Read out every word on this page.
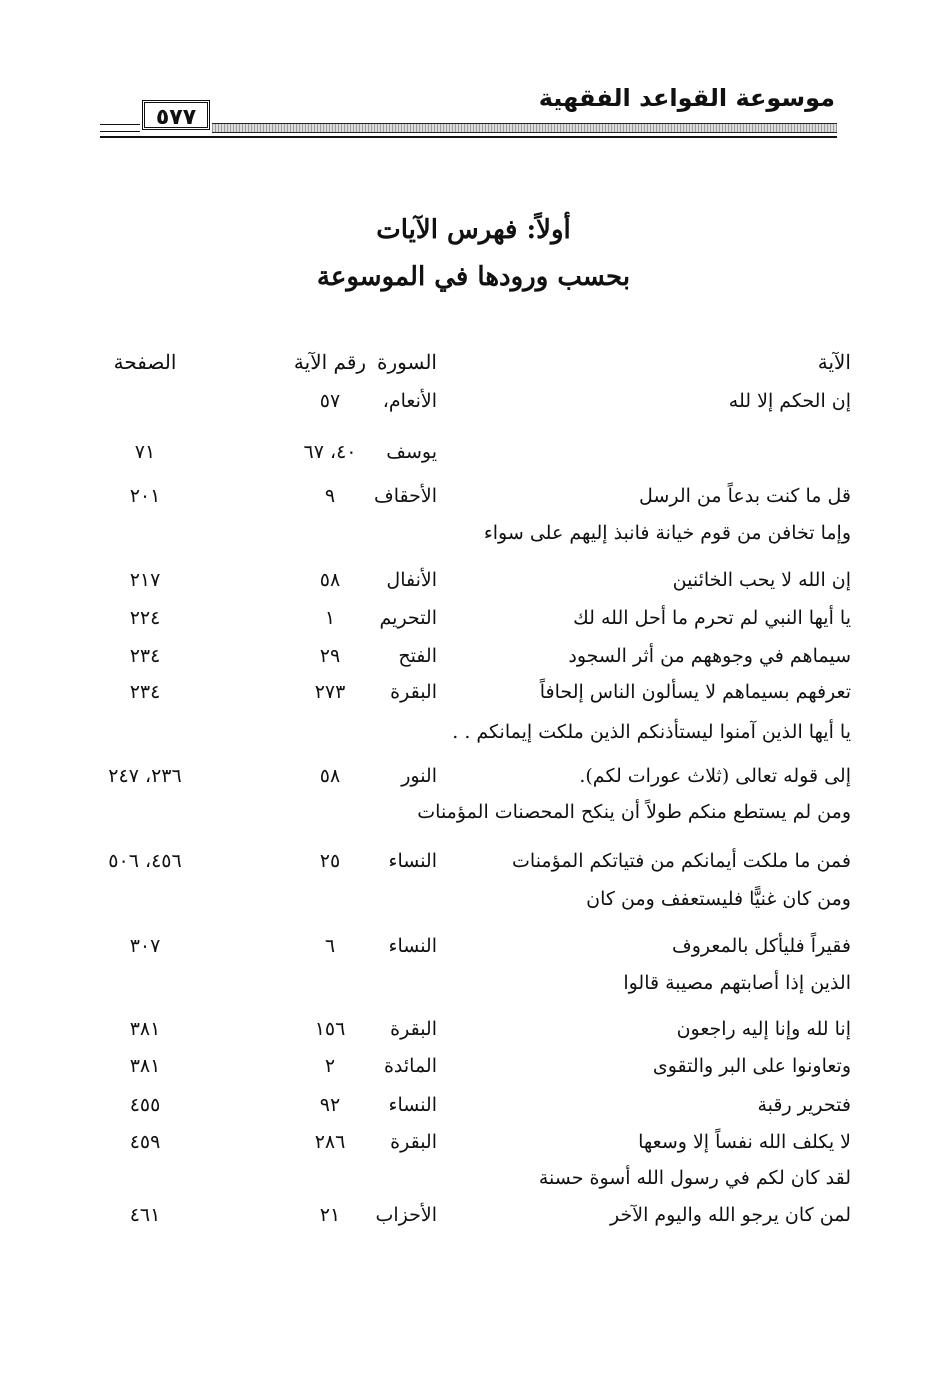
موسوعة القواعد الفقهية
٥٧٧
أولاً: فهرس الآيات
بحسب ورودها في الموسوعة
الآية
السورة
رقم الآية
الصفحة
إن الحكم إلا لله
الأنعام،
٥٧
يوسف
٤٠، ٦٧
٧١
قل ما كنت بدعاً من الرسل
الأحقاف
٩
٢٠١
وإما تخافن من قوم خيانة فانبذ إليهم على سواء
إن الله لا يحب الخائنين
الأنفال
٥٨
٢١٧
يا أيها النبي لم تحرم ما أحل الله لك
التحريم
١
٢٢٤
سيماهم في وجوههم من أثر السجود
الفتح
٢٩
٢٣٤
تعرفهم بسيماهم لا يسألون الناس إلحافاً
البقرة
٢٧٣
٢٣٤
يا أيها الذين آمنوا ليستأذنكم الذين ملكت إيمانكم . .
إلى قوله تعالى (ثلاث عورات لكم).
النور
٥٨
٢٣٦، ٢٤٧
ومن لم يستطع منكم طولاً أن ينكح المحصنات المؤمنات
فمن ما ملكت أيمانكم من فتياتكم المؤمنات
النساء
٢٥
٤٥٦، ٥٠٦
ومن كان غنيًّا فليستعفف ومن كان
فقيراً فليأكل بالمعروف
النساء
٦
٣٠٧
الذين إذا أصابتهم مصيبة قالوا
إنا لله وإنا إليه راجعون
البقرة
١٥٦
٣٨١
وتعاونوا على البر والتقوى
المائدة
٢
٣٨١
فتحرير رقبة
النساء
٩٢
٤٥٥
لا يكلف الله نفساً إلا وسعها
البقرة
٢٨٦
٤٥٩
لقد كان لكم في رسول الله أسوة حسنة
لمن كان يرجو الله واليوم الآخر
الأحزاب
٢١
٤٦١
